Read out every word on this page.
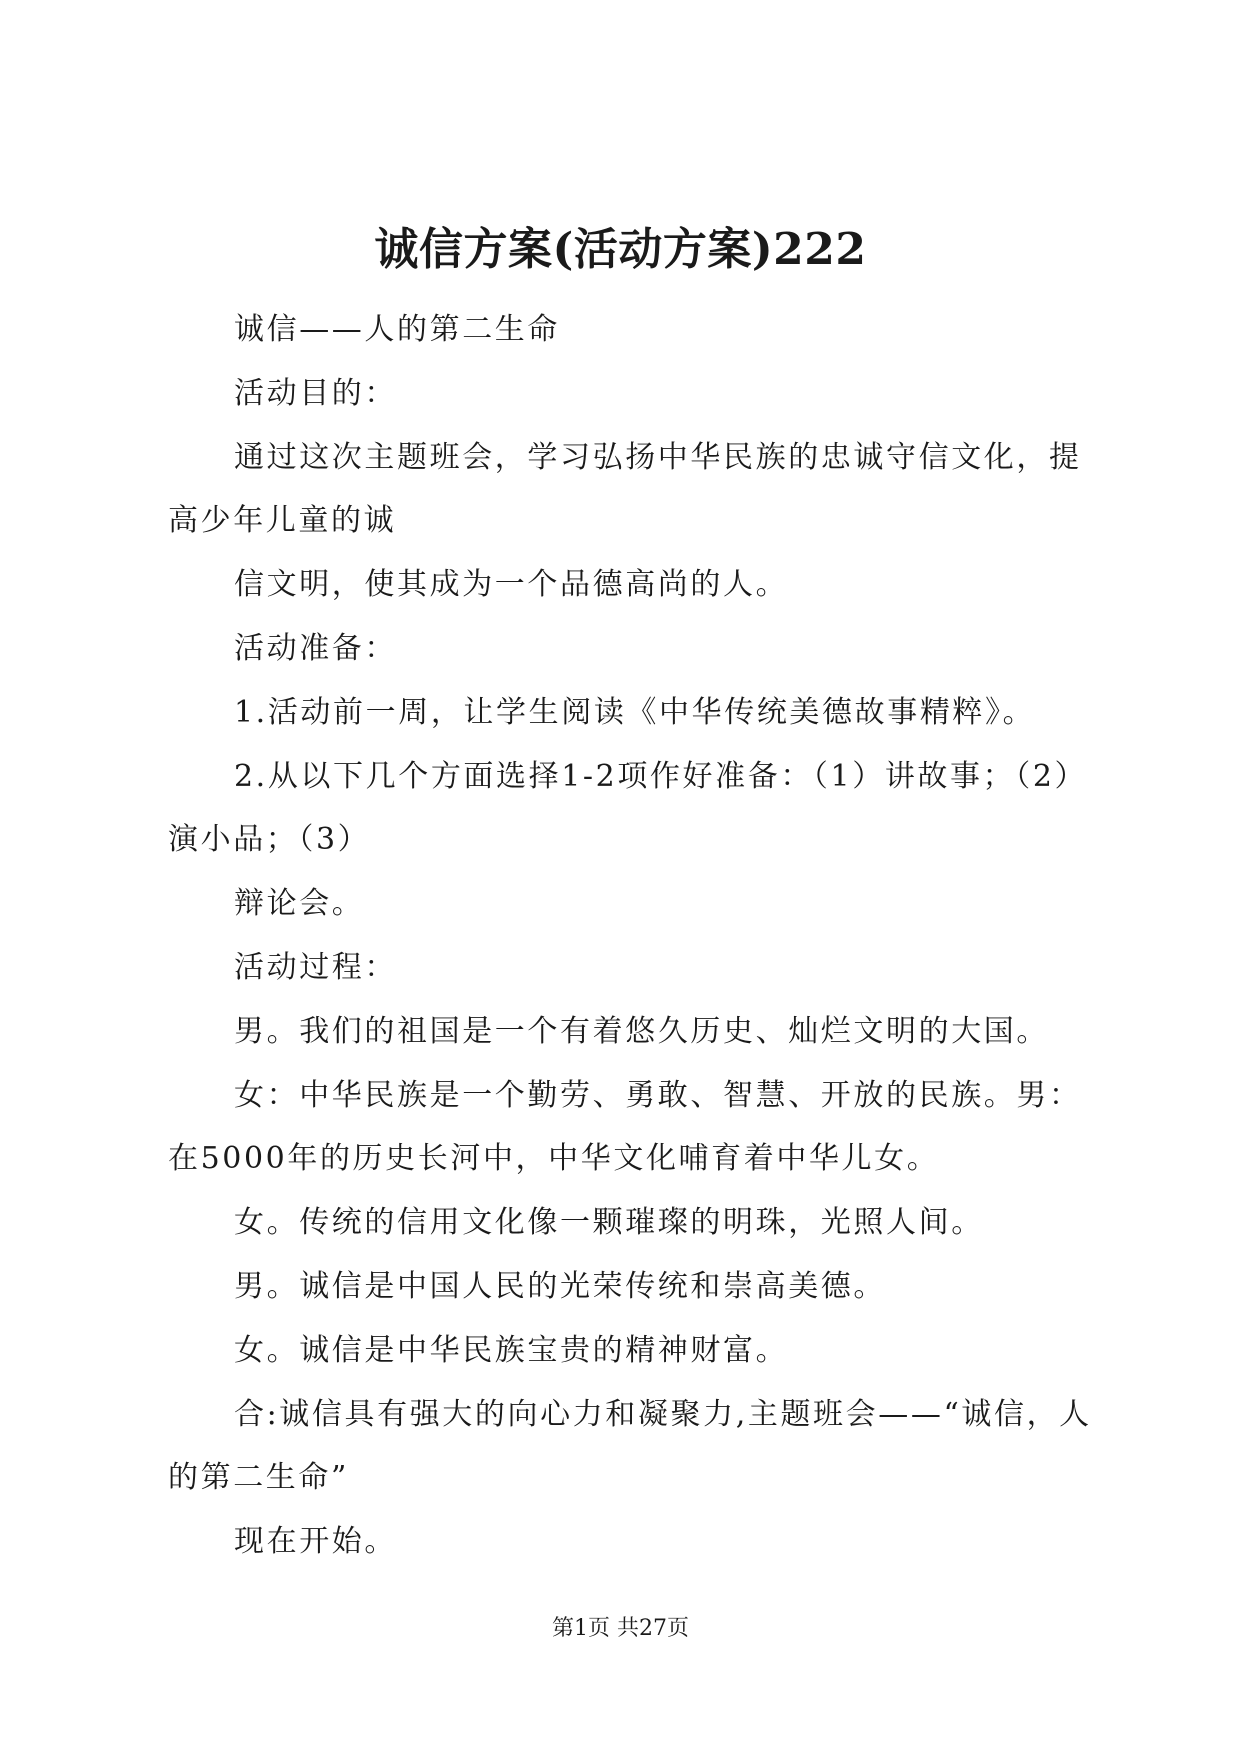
诚信方案(活动方案)222

诚信——人的第二生命

活动目的：

通过这次主题班会，学习弘扬中华民族的忠诚守信文化，提高少年儿童的诚

信文明，使其成为一个品德高尚的人。

活动准备：

1.活动前一周，让学生阅读《中华传统美德故事精粹》。

2.从以下几个方面选择1-2项作好准备：（1）讲故事；（2）演小品；（3）

辩论会。

活动过程：

男。我们的祖国是一个有着悠久历史、灿烂文明的大国。

女：中华民族是一个勤劳、勇敢、智慧、开放的民族。男：在5000年的历史长河中，中华文化哺育着中华儿女。

女。传统的信用文化像一颗璀璨的明珠，光照人间。

男。诚信是中国人民的光荣传统和崇高美德。

女。诚信是中华民族宝贵的精神财富。

合:诚信具有强大的向心力和凝聚力,主题班会——“诚信，人的第二生命”

现在开始。

第1页 共27页
